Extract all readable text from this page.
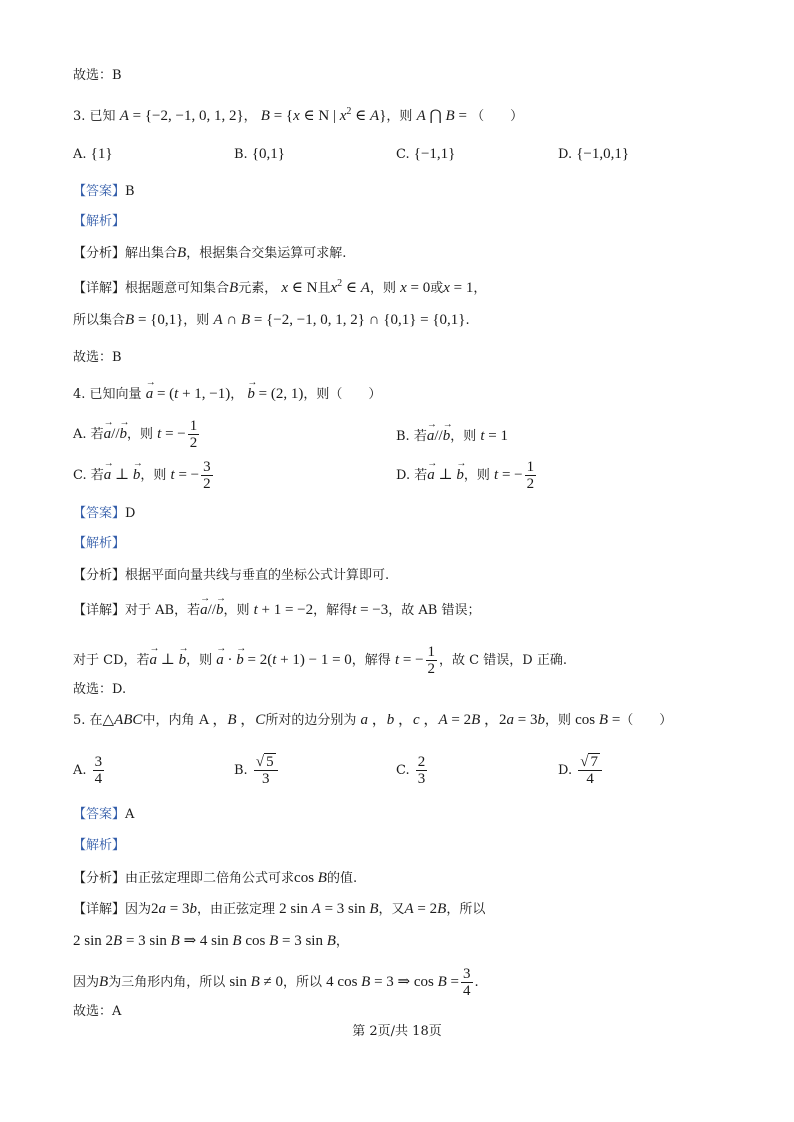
故选：B
3. 已知 A = {−2, −1, 0, 1, 2}， B = {x ∈ N | $x^2$ ∈ A}，则 A ⋂ B = （　　）
A. {1}	B. {0,1}	C. {−1,1}	D. {−1,0,1}
【答案】B
【解析】
【分析】解出集合B，根据集合交集运算可求解.
【详解】根据题意可知集合B元素， x ∈ N且$x^2$ ∈ A，则 x = 0或x = 1，
所以集合B = {0,1}，则 A ∩ B = {−2, −1, 0, 1, 2} ∩ {0,1} = {0,1}.
故选：B
4. 已知向量 → a = (t + 1, −1)， → b = (2, 1)，则（　　）
A. 若→ a//→ b，则 t = − $\frac{1}{2}$	B. 若→ a//→ b，则 t = 1
C. 若→ a ⊥ → b，则 t = − $\frac{3}{2}$	D. 若→ a ⊥ → b，则 t = − $\frac{1}{2}$
【答案】D
【解析】
【分析】根据平面向量共线与垂直的坐标公式计算即可.
【详解】对于 AB，若→ a//→ b，则 t + 1 = −2，解得t = −3，故 AB 错误；
对于 CD，若→ a ⊥ → b，则 → a · → b = 2(t + 1) − 1 = 0，解得 t = − $\frac{1}{2}$ ，故 C 错误，D 正确.
故选：D.
5. 在△ABC中，内角 A ，B ，C所对的边分别为 a ，b ，c ，A = 2B ，2a = 3b，则 cos B =（　　）
A. $\frac{3}{4}$	B. $\frac{√ 5}{3}$	C. $\frac{2}{3}$	D. $\frac{√ 7}{4}$
【答案】A
【解析】
【分析】由正弦定理即二倍角公式可求cos B的值.
【详解】因为2a = 3b，由正弦定理 2 sin A = 3 sin B，又A = 2B，所以
2 sin 2B = 3 sin B ⇒ 4 sin B cos B = 3 sin B，
因为B为三角形内角，所以 sin B ≠ 0，所以 4 cos B = 3 ⇒ $\cos B = \frac{3}{4}$ .
故选：A
第 2页/共 18页
